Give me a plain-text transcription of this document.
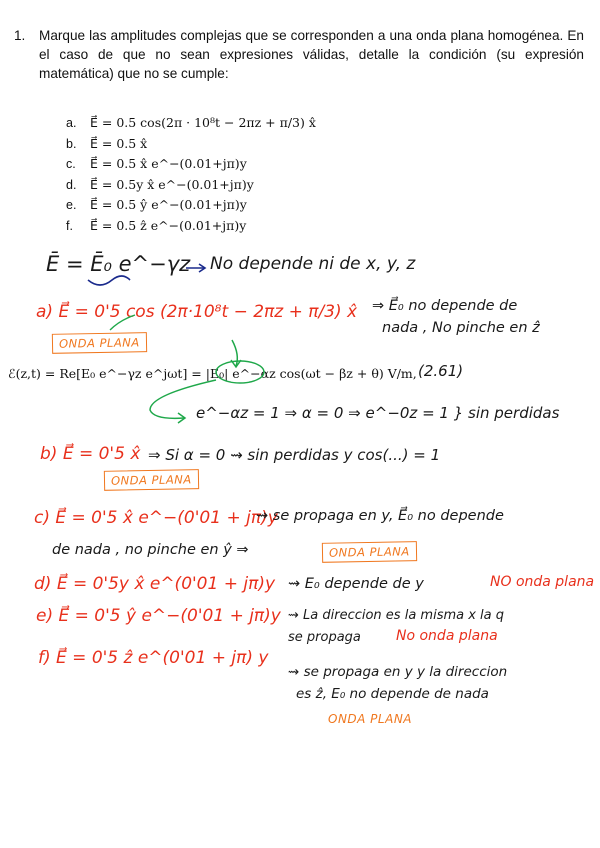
1. Marque las amplitudes complejas que se corresponden a una onda plana homogénea. En el caso de que no sean expresiones válidas, detalle la condición (su expresión matemática) que no se cumple:
a. E⃗ = 0.5 cos(2π · 10⁸t − 2πz + π/3) x̂
b. E⃗ = 0.5 x̂
c. E⃗ = 0.5 x̂ e^−(0.01+jπ)y
d. E⃗ = 0.5y x̂ e^−(0.01+jπ)y
e. E⃗ = 0.5 ŷ e^−(0.01+jπ)y
f. E⃗ = 0.5 ẑ e^−(0.01+jπ)y
Ē = Ē₀ e^−γz No depende ni de x, y, z
a) E⃗ = 0'5 cos (2π·10⁸t − 2πz + π/3) x̂ ⇒ E⃗₀ no depende de
nada , No pinche en ẑ
ONDA PLANA
ℰ(z,t) = Re[E₀ e^−γz e^jωt] = |E₀| e^−αz cos(ωt − βz + θ) V/m, (2.61)
e^−αz = 1 ⇒ α = 0 ⇒ e^−0z = 1 } sin perdidas
b) E⃗ = 0'5 x̂ ⇒ Si α = 0 ⇝ sin perdidas y cos(...) = 1
ONDA PLANA
c) E⃗ = 0'5 x̂ e^−(0'01 + jπ)y
⇝ se propaga en y, E⃗₀ no depende
de nada , no pinche en ŷ ⇒	ONDA PLANA
d) E⃗ = 0'5y x̂ e^(0'01 + jπ)y ⇝ E₀ depende de y	NO onda plana
e) E⃗ = 0'5 ŷ e^−(0'01 + jπ)y ⇝ La direccion es la misma x la q
se propaga	No onda plana
f) E⃗ = 0'5 ẑ e^(0'01 + jπ) y
⇝ se propaga en y y la direccion
es ẑ, E₀ no depende de nada
ONDA PLANA
